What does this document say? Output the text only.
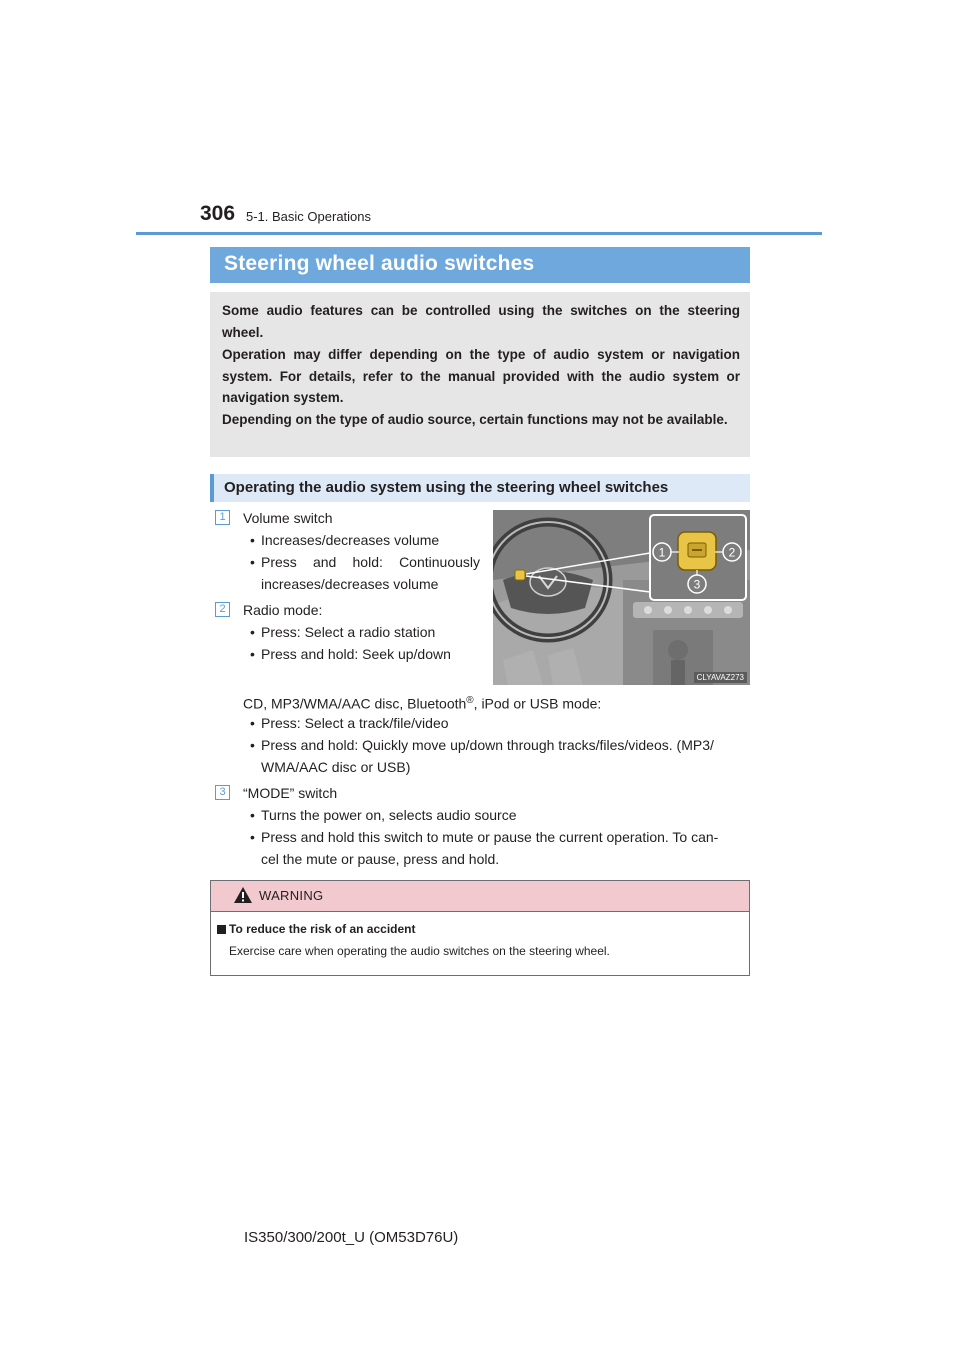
306 5-1. Basic Operations
Steering wheel audio switches

Some audio features can be controlled using the switches on the steering wheel.

Operation may differ depending on the type of audio system or navigation system. For details, refer to the manual provided with the audio system or navigation system.

Depending on the type of audio source, certain functions may not be available.

Operating the audio system using the steering wheel switches
1	Volume switch
• Increases/decreases volume
• Press and hold: Continuously
increases/decreases volume
2	Radio mode:
• Press: Select a radio station
• Press and hold: Seek up/down
CD, MP3/WMA/AAC disc, Bluetooth®, iPod or USB mode:
• Press: Select a track/file/video
• Press and hold: Quickly move up/down through tracks/files/videos. (MP3/
WMA/AAC disc or USB)
3	“MODE” switch
• Turns the power on, selects audio source
• Press and hold this switch to mute or pause the current operation. To can-
cel the mute or pause, press and hold.
1	2
3
CLYAVAZ273
WARNING
To reduce the risk of an accident
Exercise care when operating the audio switches on the steering wheel.
IS350/300/200t_U (OM53D76U)
